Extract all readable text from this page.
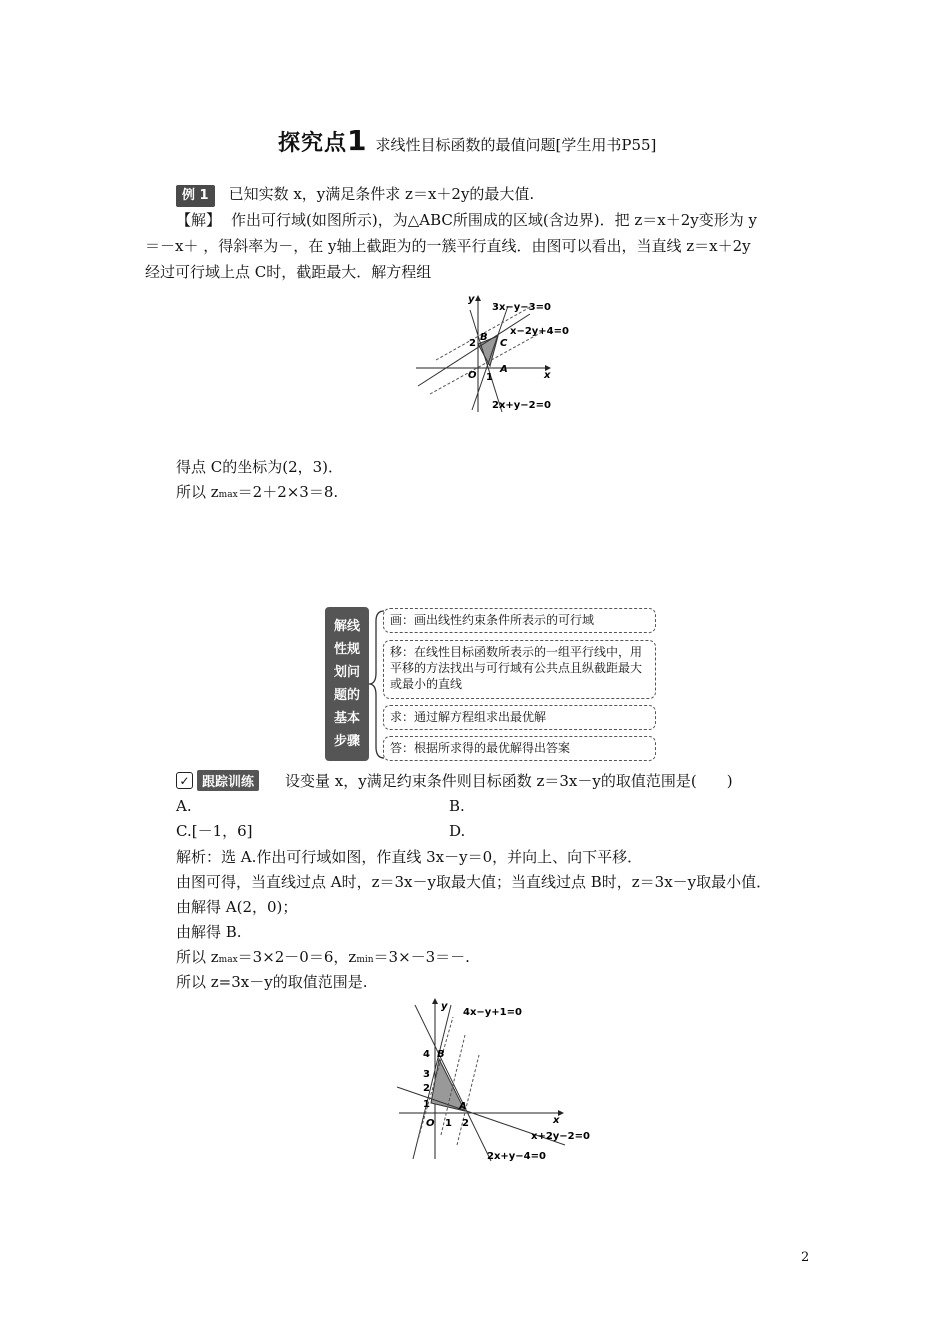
探究点1 求线性目标函数的最值问题[学生用书P55]
例 1 已知实数 x，y满足条件求 z＝x＋2y的最大值.
【解】 作出可行域(如图所示)，为△ABC所围成的区域(含边界)．把 z＝x＋2y变形为 y
＝－x＋ ，得斜率为－，在 y轴上截距为的一簇平行直线．由图可以看出，当直线 z＝x＋2y
经过可行域上点 C时，截距最大．解方程组
y
x
3x−y−3=0
x−2y+4=0
2x+y−2=0
B
C
A
O
2
1
得点 C的坐标为(2，3)．
所以 zmax＝2＋2×3＝8.
解线性规划问题的基本步骤
画：画出线性约束条件所表示的可行域
移：在线性目标函数所表示的一组平行线中，用平移的方法找出与可行域有公共点且纵截距最大或最小的直线
求：通过解方程组求出最优解
答：根据所求得的最优解得出答案
✓ 跟踪训练	设变量 x，y满足约束条件则目标函数 z＝3x－y的取值范围是(　　)
A.	B.
C.[－1，6]	D.
解析：选 A.作出可行域如图，作直线 3x－y＝0，并向上、向下平移．
由图可得，当直线过点 A时，z＝3x－y取最大值；当直线过点 B时，z＝3x－y取最小值．
由解得 A(2，0)；
由解得 B.
所以 zmax＝3×2－0＝6，zmin＝3×－3＝－.
所以 z=3x－y的取值范围是.
y
x
4x−y+1=0
x+2y−2=0
2x+y−4=0
B
A
O
4
3
2
1
1 2
2
